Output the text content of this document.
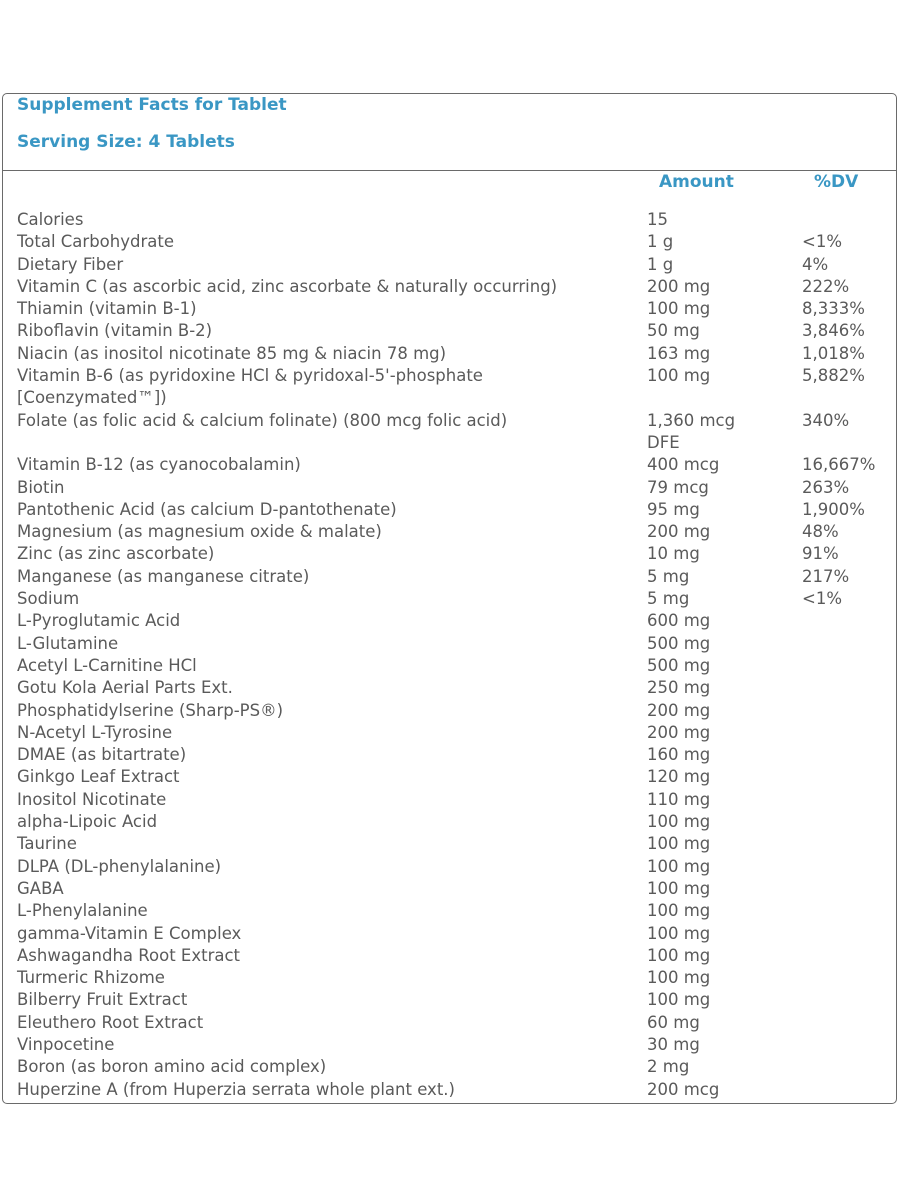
Supplement Facts for Tablet
Serving Size: 4 Tablets
Amount	%DV
Calories	15
Total Carbohydrate	1 g	<1%
Dietary Fiber	1 g	4%
Vitamin C (as ascorbic acid, zinc ascorbate & naturally occurring)	200 mg	222%
Thiamin (vitamin B-1)	100 mg	8,333%
Riboflavin (vitamin B-2)	50 mg	3,846%
Niacin (as inositol nicotinate 85 mg & niacin 78 mg)	163 mg	1,018%
Vitamin B-6 (as pyridoxine HCl & pyridoxal-5'-phosphate	100 mg	5,882%
[Coenzymated™])
Folate (as folic acid & calcium folinate) (800 mcg folic acid)	1,360 mcg	340%
DFE
Vitamin B-12 (as cyanocobalamin)	400 mcg	16,667%
Biotin	79 mcg	263%
Pantothenic Acid (as calcium D-pantothenate)	95 mg	1,900%
Magnesium (as magnesium oxide & malate)	200 mg	48%
Zinc (as zinc ascorbate)	10 mg	91%
Manganese (as manganese citrate)	5 mg	217%
Sodium	5 mg	<1%
L-Pyroglutamic Acid	600 mg
L-Glutamine	500 mg
Acetyl L-Carnitine HCl	500 mg
Gotu Kola Aerial Parts Ext.	250 mg
Phosphatidylserine (Sharp-PS®)	200 mg
N-Acetyl L-Tyrosine	200 mg
DMAE (as bitartrate)	160 mg
Ginkgo Leaf Extract	120 mg
Inositol Nicotinate	110 mg
alpha-Lipoic Acid	100 mg
Taurine	100 mg
DLPA (DL-phenylalanine)	100 mg
GABA	100 mg
L-Phenylalanine	100 mg
gamma-Vitamin E Complex	100 mg
Ashwagandha Root Extract	100 mg
Turmeric Rhizome	100 mg
Bilberry Fruit Extract	100 mg
Eleuthero Root Extract	60 mg
Vinpocetine	30 mg
Boron (as boron amino acid complex)	2 mg
Huperzine A (from Huperzia serrata whole plant ext.)	200 mcg
